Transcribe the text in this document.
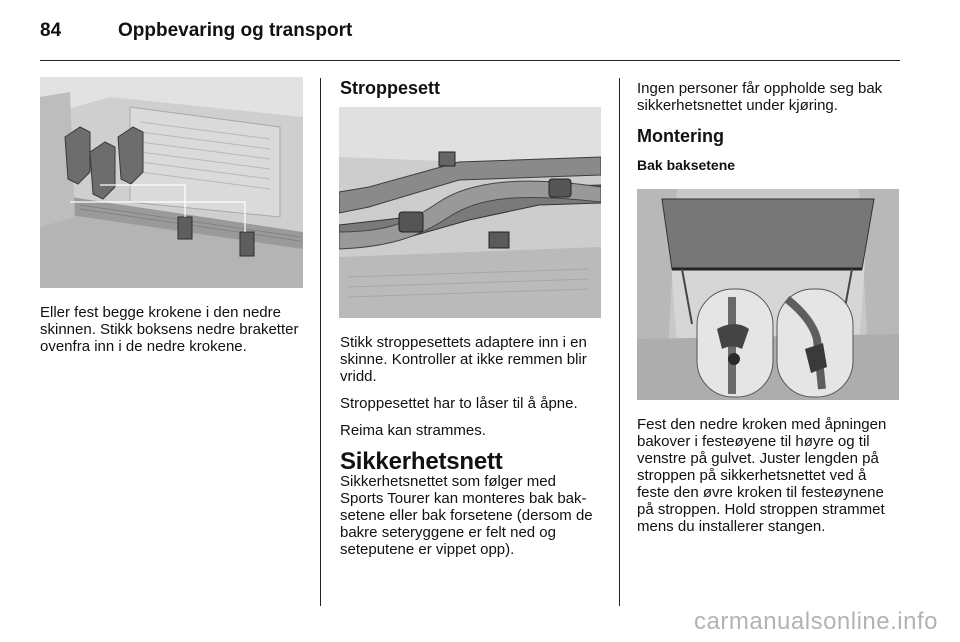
84	Oppbevaring og transport

Eller fest begge krokene i den nedre skinnen. Stikk boksens nedre braketter ovenfra inn i de nedre krokene.

Stroppesett

Stikk stroppesettets adaptere inn i en skinne. Kontroller at ikke remmen blir vridd.

Stroppesettet har to låser til å åpne.

Reima kan strammes.

Sikkerhetsnett

Sikkerhetsnettet som følger med Sports Tourer kan monteres bak baksetene eller bak forsetene (dersom de bakre seteryggene er felt ned og seteputene er vippet opp).

Ingen personer får oppholde seg bak sikkerhetsnettet under kjøring.

Montering
Bak baksetene

Fest den nedre kroken med åpningen bakover i festeøyene til høyre og til venstre på gulvet. Juster lengden på stroppen på sikkerhetsnettet ved å feste den øvre kroken til festeøynene på stroppen. Hold stroppen strammet mens du installerer stangen.

carmanualsonline.info
